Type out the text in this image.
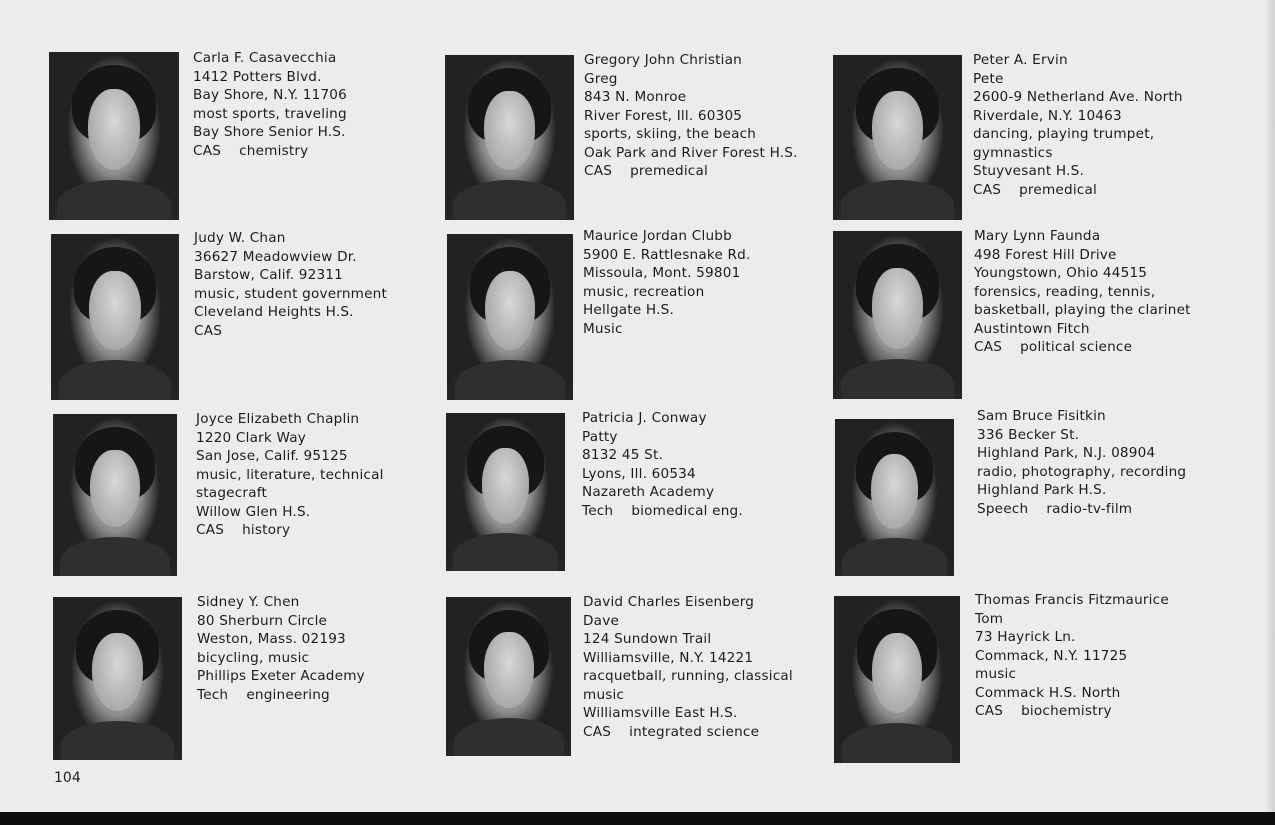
Carla F. Casavecchia
1412 Potters Blvd.
Bay Shore, N.Y. 11706
most sports, traveling
Bay Shore Senior H.S.
CAS    chemistry
Gregory John Christian
Greg
843 N. Monroe
River Forest, Ill. 60305
sports, skiing, the beach
Oak Park and River Forest H.S.
CAS    premedical
Peter A. Ervin
Pete
2600-9 Netherland Ave. North
Riverdale, N.Y. 10463
dancing, playing trumpet,
gymnastics
Stuyvesant H.S.
CAS    premedical
Judy W. Chan
36627 Meadowview Dr.
Barstow, Calif. 92311
music, student government
Cleveland Heights H.S.
CAS
Maurice Jordan Clubb
5900 E. Rattlesnake Rd.
Missoula, Mont. 59801
music, recreation
Hellgate H.S.
Music
Mary Lynn Faunda
498 Forest Hill Drive
Youngstown, Ohio 44515
forensics, reading, tennis,
basketball, playing the clarinet
Austintown Fitch
CAS    political science
Joyce Elizabeth Chaplin
1220 Clark Way
San Jose, Calif. 95125
music, literature, technical
stagecraft
Willow Glen H.S.
CAS    history
Patricia J. Conway
Patty
8132 45 St.
Lyons, Ill. 60534
Nazareth Academy
Tech    biomedical eng.
Sam Bruce Fisitkin
336 Becker St.
Highland Park, N.J. 08904
radio, photography, recording
Highland Park H.S.
Speech    radio-tv-film
Sidney Y. Chen
80 Sherburn Circle
Weston, Mass. 02193
bicycling, music
Phillips Exeter Academy
Tech    engineering
David Charles Eisenberg
Dave
124 Sundown Trail
Williamsville, N.Y. 14221
racquetball, running, classical
music
Williamsville East H.S.
CAS    integrated science
Thomas Francis Fitzmaurice
Tom
73 Hayrick Ln.
Commack, N.Y. 11725
music
Commack H.S. North
CAS    biochemistry
104
